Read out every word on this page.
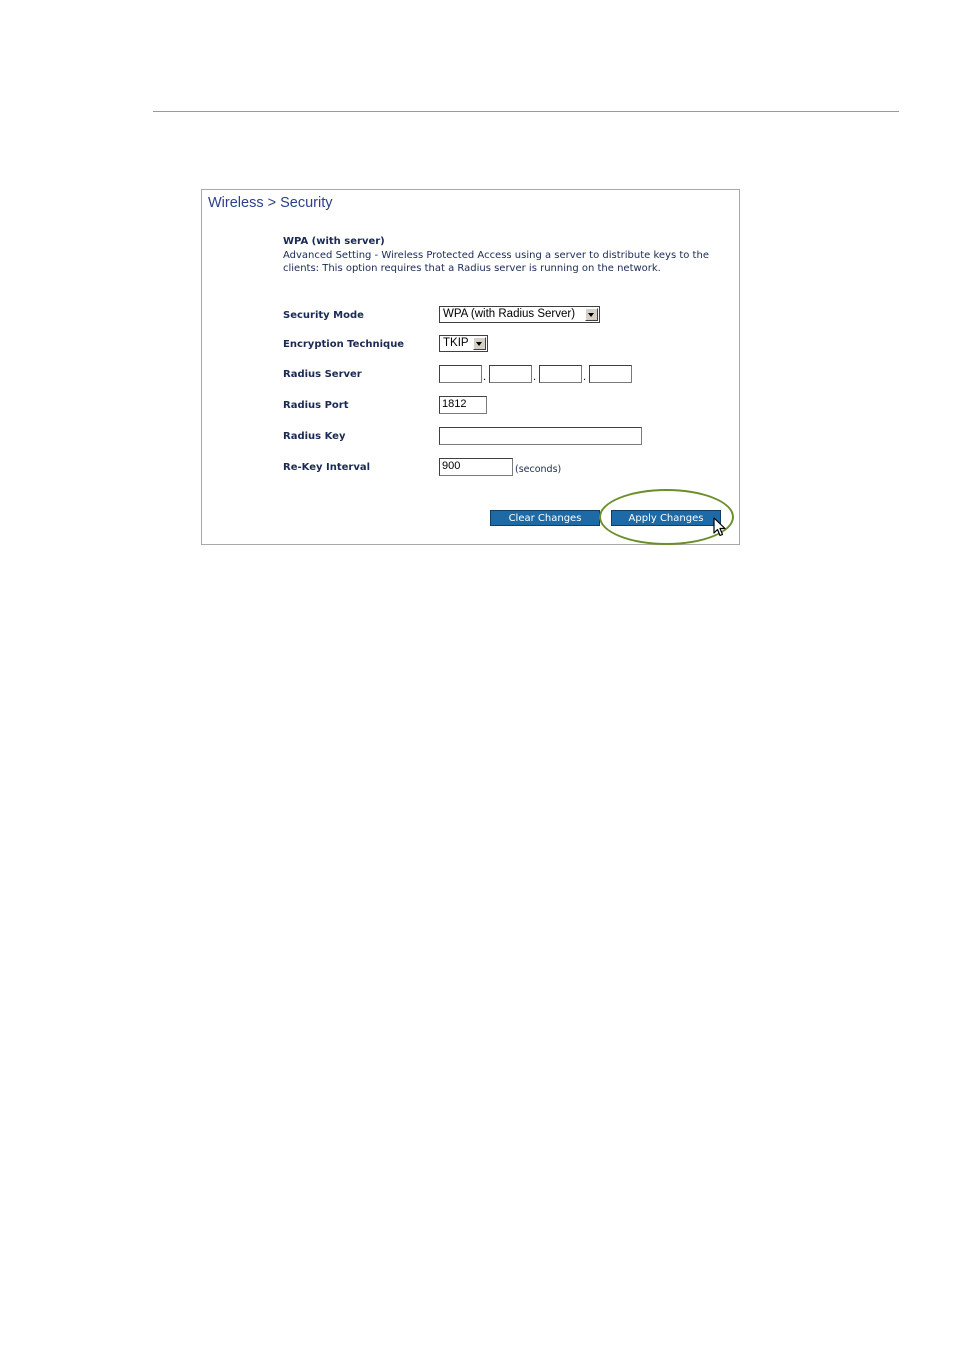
Wireless > Security
WPA (with server)
Advanced Setting - Wireless Protected Access using a server to distribute keys to the clients: This option requires that a Radius server is running on the network.
Security Mode	WPA (with Radius Server)
Encryption Technique	TKIP
Radius Server	.	.	.
Radius Port	1812
Radius Key
Re-Key Interval	900	(seconds)
Clear Changes	Apply Changes
